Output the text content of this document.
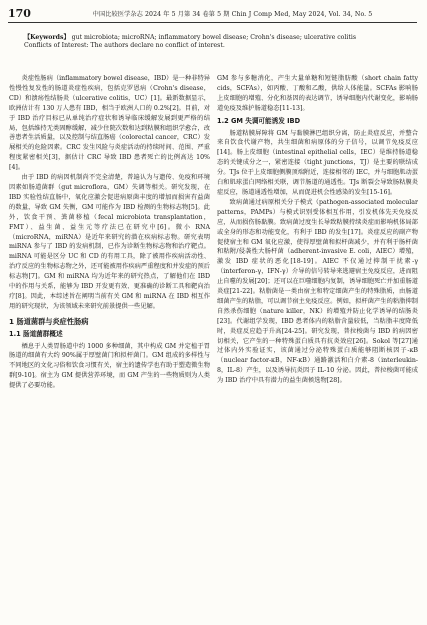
170	中国比较医学杂志 2024 年 5 月第 34 卷第 5 期 Chin J Comp Med, May 2024, Vol. 34, No. 5
【Keywords】 gut microbiota; microRNA; inflammatory bowel disease; Crohn's disease; ulcerative colitis
Conflicts of Interest: The authors declare no conflict of interest.

炎症性肠病（inflammatory bowel disease，IBD）是一种非特异性慢性复发性的肠道炎症性疾病，包括克罗恩病（Crohn's disease，CD）和溃疡性结肠炎（ulcerative colitis，UC）[1]。最新数据显示，欧洲估计有 130 万人患有 IBD，相当于欧洲人口的 0.2%[2]。目前，对于 IBD 治疗目标已从单纯治疗症状和诱导临床缓解发展到更严格的结局，包括维持无类固醇缓解，减少住院次数和达到粘膜和组织学愈合，改善患者生活质量，以及控制与结直肠癌（colorectal cancer，CRC）发展相关的危险因素。CRC 发生风险与炎症活动的持续时间、范围、严重程度紧密相关[3]，据估计 CRC 导致 IBD 患者死亡的比例高达 10%[4]。

由于 IBD 的病因机制尚不完全清楚，普遍认为与遗传、免疫和环境因素如肠道菌群（gut microflora，GM）失调等相关。研究发现，在 IBD 实验性结直肠中，氧化应激会促进病原菌丰度的增加而损害有益菌的数量，导致 GM 失衡，GM 可能作为 IBD 检测的生物标志物[5]。此外，饮食干预、粪菌移植（fecal microbiota transplantation，FMT）、益生菌、益生元等疗法已在研究中[6]。微小 RNA（microRNA，miRNA）是近年来研究的潜在疾病标志物。研究表明 miRNA 参与了 IBD 的发病机制，已作为诊断生物标志物和治疗靶点。miRNA 可能是区分 UC 和 CD 的有用工具，除了被用作疾病活动性、治疗反应的生物标志物之外，还可能被用作疾病严重程度和并发症的预后标志物[7]。GM 和 miRNA 均为近年来的研究热点，了解他们在 IBD 中的作用与关系，能够为 IBD 开发更有效、更准确的诊断工具和靶向治疗[8]。因此，本综述旨在阐明当前有关 GM 和 miRNA 在 IBD 相互作用的研究现状，为该领域未来研究前景提供一些见解。

1 肠道菌群与炎症性肠病
1.1 肠道菌群概述

栖息于人类胃肠道中约 1000 多种细菌，其中构成 GM 并定植于胃肠道的细菌有大约 90%属于厚壁菌门和拟杆菌门。GM 组成的多样性与不同地区的文化习俗和饮食习惯有关，宿主的遗传学也有助于塑造微生物群[9-10]。宿主为 GM 提供营养环境，而 GM 产生的一些物质则为人类提供了必要功能。

GM 参与多糖消化，产生大量单糖和短链脂肪酸（short chain fatty cids，SCFAs），如丙酸、丁酸和乙酸，供给人体能量。SCFAs 影响肠上皮细胞的增殖、分化和基因的表达调节，诱导细胞内代谢变化，影响肠道免疫及维护肠道稳态[11-13]。

1.2 GM 失调可能诱发 IBD

肠道粘膜屏障将 GM 与黏膜淋巴组织分离，防止炎症反应，并整合来自饮食代谢产物，共生细菌和病原体的分子信号，以调节免疫反应[14]。肠上皮细胞（intestinal epithelial cells，IEC）是维持肠道稳态的关键成分之一，紧密连接（tight junctions，TJ）是主要的联结成分。TJs 位于上皮细胞侧膜顶端附近，连接相邻的 IEC，并与细胞肌动蛋白和肌球蛋白网络相关联，调节肠道的通透性。TJs 断裂会导致肠粘膜炎症反应，肠道通透性增加，从而促进机会性感染的发生[15-16]。

致病菌通过病原相关分子模式（pathogen-associated molecular patterns，PAMPs）与模式识别受体相互作用，引发机体先天免疫反应，从而损伤肠黏膜。致病菌过度生长导致粘膜持续炎症而影响机体局部或全身的形态和功能变化，有利于 IBD 的发生[17]。炎症反应的副产物促使宿主和 GM 氧化应激，使得厚壁菌和拟杆菌减少，并有利于肠杆菌和粘附/侵袭性大肠杆菌（adherent-invasive E. coli，AIEC）增殖，激发 IBD 症状的恶化[18-19]。AIEC 不仅通过抑制干扰素-γ（interferon-γ，IFN-γ）介导的信号转导来逃避宿主免疫反应，进而阻止自噬的发展[20]；还可以在巨噬细胞内复制，诱导细胞死亡并加重肠道炎症[21-22]。粘脂菌是一类由宿主和特定细菌产生的特殊脂质，由肠道细菌产生的粘脂，可以调节宿主免疫反应。例如，拟杆菌产生的粘脂抑制自然杀伤细胞（nature killer，NK）的增殖并防止化学诱导的结肠炎[23]。代谢组学发现，IBD 患者体内的粘脂含量较低，当粘脂丰度降低时，炎症反应趋于升高[24-25]。研究发现，普拉梭菌与 IBD 的病因密切相关，它产生的一种特殊蛋白质具有抗炎效应[26]。Sokol 等[27]通过体内外实验证实，该菌通过分泌特殊蛋白质能够阻断核因子-κB（nuclear factor-κB，NF-κB）通路激活和白介素-8（interleukin-8，IL-8）产生，以及诱导抗炎因子 IL-10 分泌。因此，普拉梭菌可能成为 IBD 治疗中具有潜力的益生菌候选物[28]。
